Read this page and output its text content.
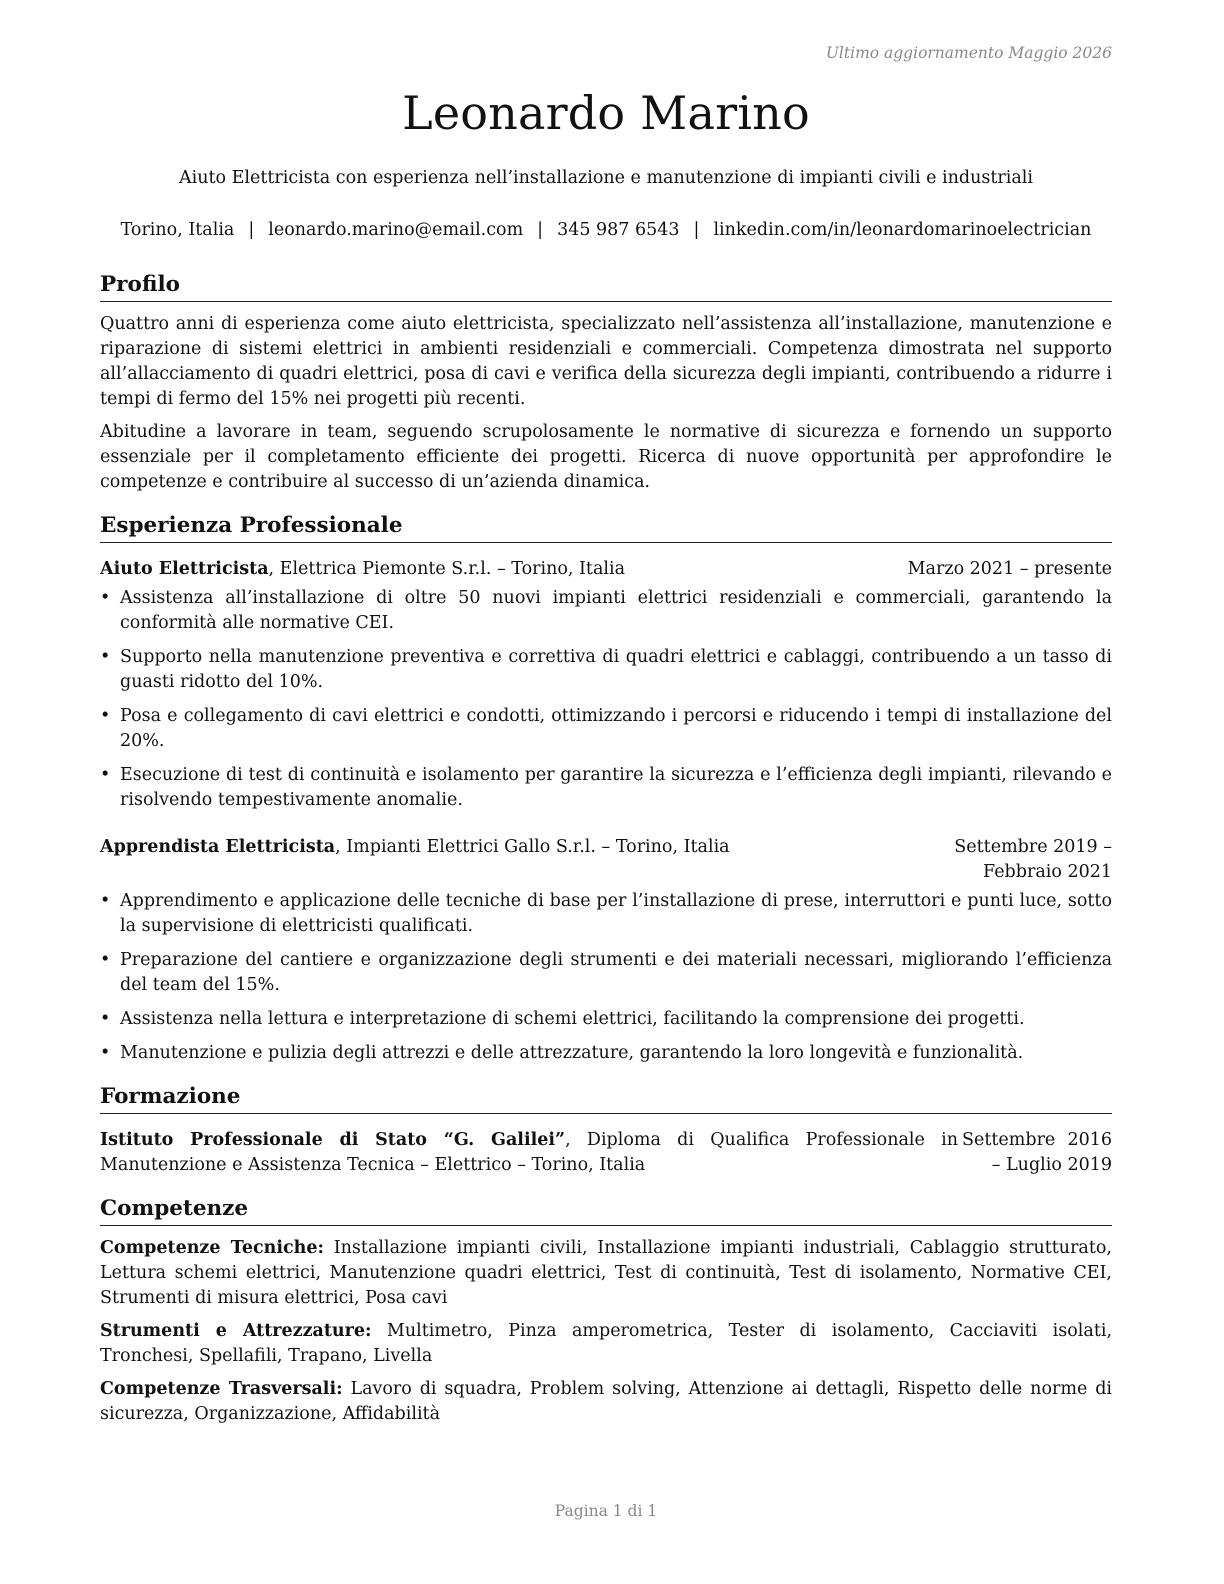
Ultimo aggiornamento Maggio 2026
Leonardo Marino
Aiuto Elettricista con esperienza nell’installazione e manutenzione di impianti civili e industriali
Torino, Italia | leonardo.marino@email.com | 345 987 6543 | linkedin.com/in/leonardomarinoelectrician
Profilo

Quattro anni di esperienza come aiuto elettricista, specializzato nell’assistenza all’installazione, manutenzione e riparazione di sistemi elettrici in ambienti residenziali e commerciali. Competenza dimostrata nel supporto all’allacciamento di quadri elettrici, posa di cavi e verifica della sicurezza degli impianti, contribuendo a ridurre i tempi di fermo del 15% nei progetti più recenti.

Abitudine a lavorare in team, seguendo scrupolosamente le normative di sicurezza e fornendo un supporto essenziale per il completamento efficiente dei progetti. Ricerca di nuove opportunità per approfondire le competenze e contribuire al successo di un’azienda dinamica.

Esperienza Professionale
Aiuto Elettricista, Elettrica Piemonte S.r.l. – Torino, Italia	Marzo 2021 – presente
• Assistenza all’installazione di oltre 50 nuovi impianti elettrici residenziali e commerciali, garantendo la conformità alle normative CEI.
• Supporto nella manutenzione preventiva e correttiva di quadri elettrici e cablaggi, contribuendo a un tasso di guasti ridotto del 10%.
• Posa e collegamento di cavi elettrici e condotti, ottimizzando i percorsi e riducendo i tempi di installazione del 20%.
• Esecuzione di test di continuità e isolamento per garantire la sicurezza e l’efficienza degli impianti, rilevando e risolvendo tempestivamente anomalie.
Apprendista Elettricista, Impianti Elettrici Gallo S.r.l. – Torino, Italia	Settembre 2019 – Febbraio 2021
• Apprendimento e applicazione delle tecniche di base per l’installazione di prese, interruttori e punti luce, sotto la supervisione di elettricisti qualificati.
• Preparazione del cantiere e organizzazione degli strumenti e dei materiali necessari, migliorando l’efficienza del team del 15%.
• Assistenza nella lettura e interpretazione di schemi elettrici, facilitando la comprensione dei progetti.
• Manutenzione e pulizia degli attrezzi e delle attrezzature, garantendo la loro longevità e funzionalità.
Formazione
Istituto Professionale di Stato “G. Galilei”, Diploma di Qualifica Professionale in Manutenzione e Assistenza Tecnica – Elettrico – Torino, Italia
Settembre 2016 – Luglio 2019
Competenze
Competenze Tecniche: Installazione impianti civili, Installazione impianti industriali, Cablaggio strutturato, Lettura schemi elettrici, Manutenzione quadri elettrici, Test di continuità, Test di isolamento, Normative CEI, Strumenti di misura elettrici, Posa cavi
Strumenti e Attrezzature: Multimetro, Pinza amperometrica, Tester di isolamento, Cacciaviti isolati, Tronchesi, Spellafili, Trapano, Livella
Competenze Trasversali: Lavoro di squadra, Problem solving, Attenzione ai dettagli, Rispetto delle norme di sicurezza, Organizzazione, Affidabilità
Pagina 1 di 1
